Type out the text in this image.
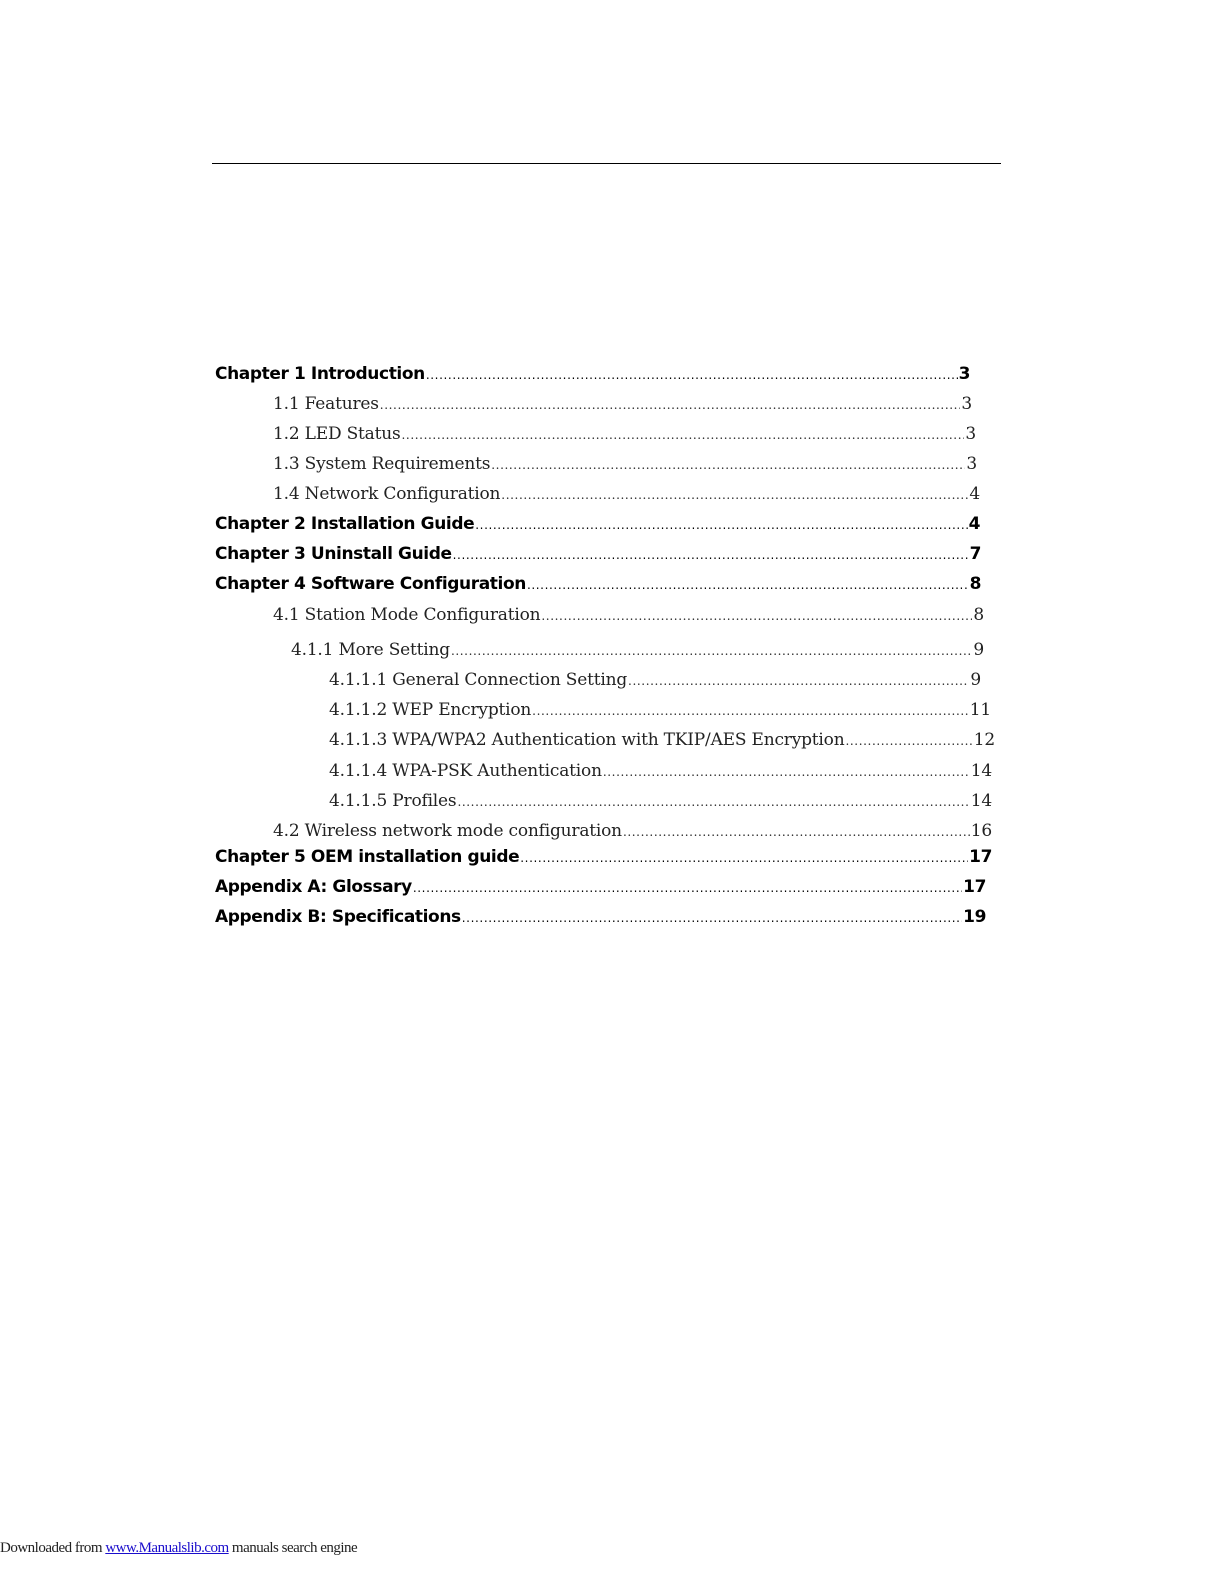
Chapter 1 Introduction .....	3
1.1 Features .....	3
1.2 LED Status .....	3
1.3 System Requirements .....	3
1.4 Network Configuration .....	4
Chapter 2 Installation Guide .....	4
Chapter 3 Uninstall Guide .....	7
Chapter 4 Software Configuration .....	8
4.1 Station Mode Configuration .....	8
4.1.1 More Setting .....	9
4.1.1.1 General Connection Setting .....	9
4.1.1.2 WEP Encryption .....	11
4.1.1.3 WPA/WPA2 Authentication with TKIP/AES Encryption .....	12
4.1.1.4 WPA-PSK Authentication .....	14
4.1.1.5 Profiles .....	14
4.2 Wireless network mode configuration .....	16
Chapter 5 OEM installation guide .....	17
Appendix A: Glossary .....	17
Appendix B: Specifications .....	19
Downloaded from www.Manualslib.com manuals search engine
